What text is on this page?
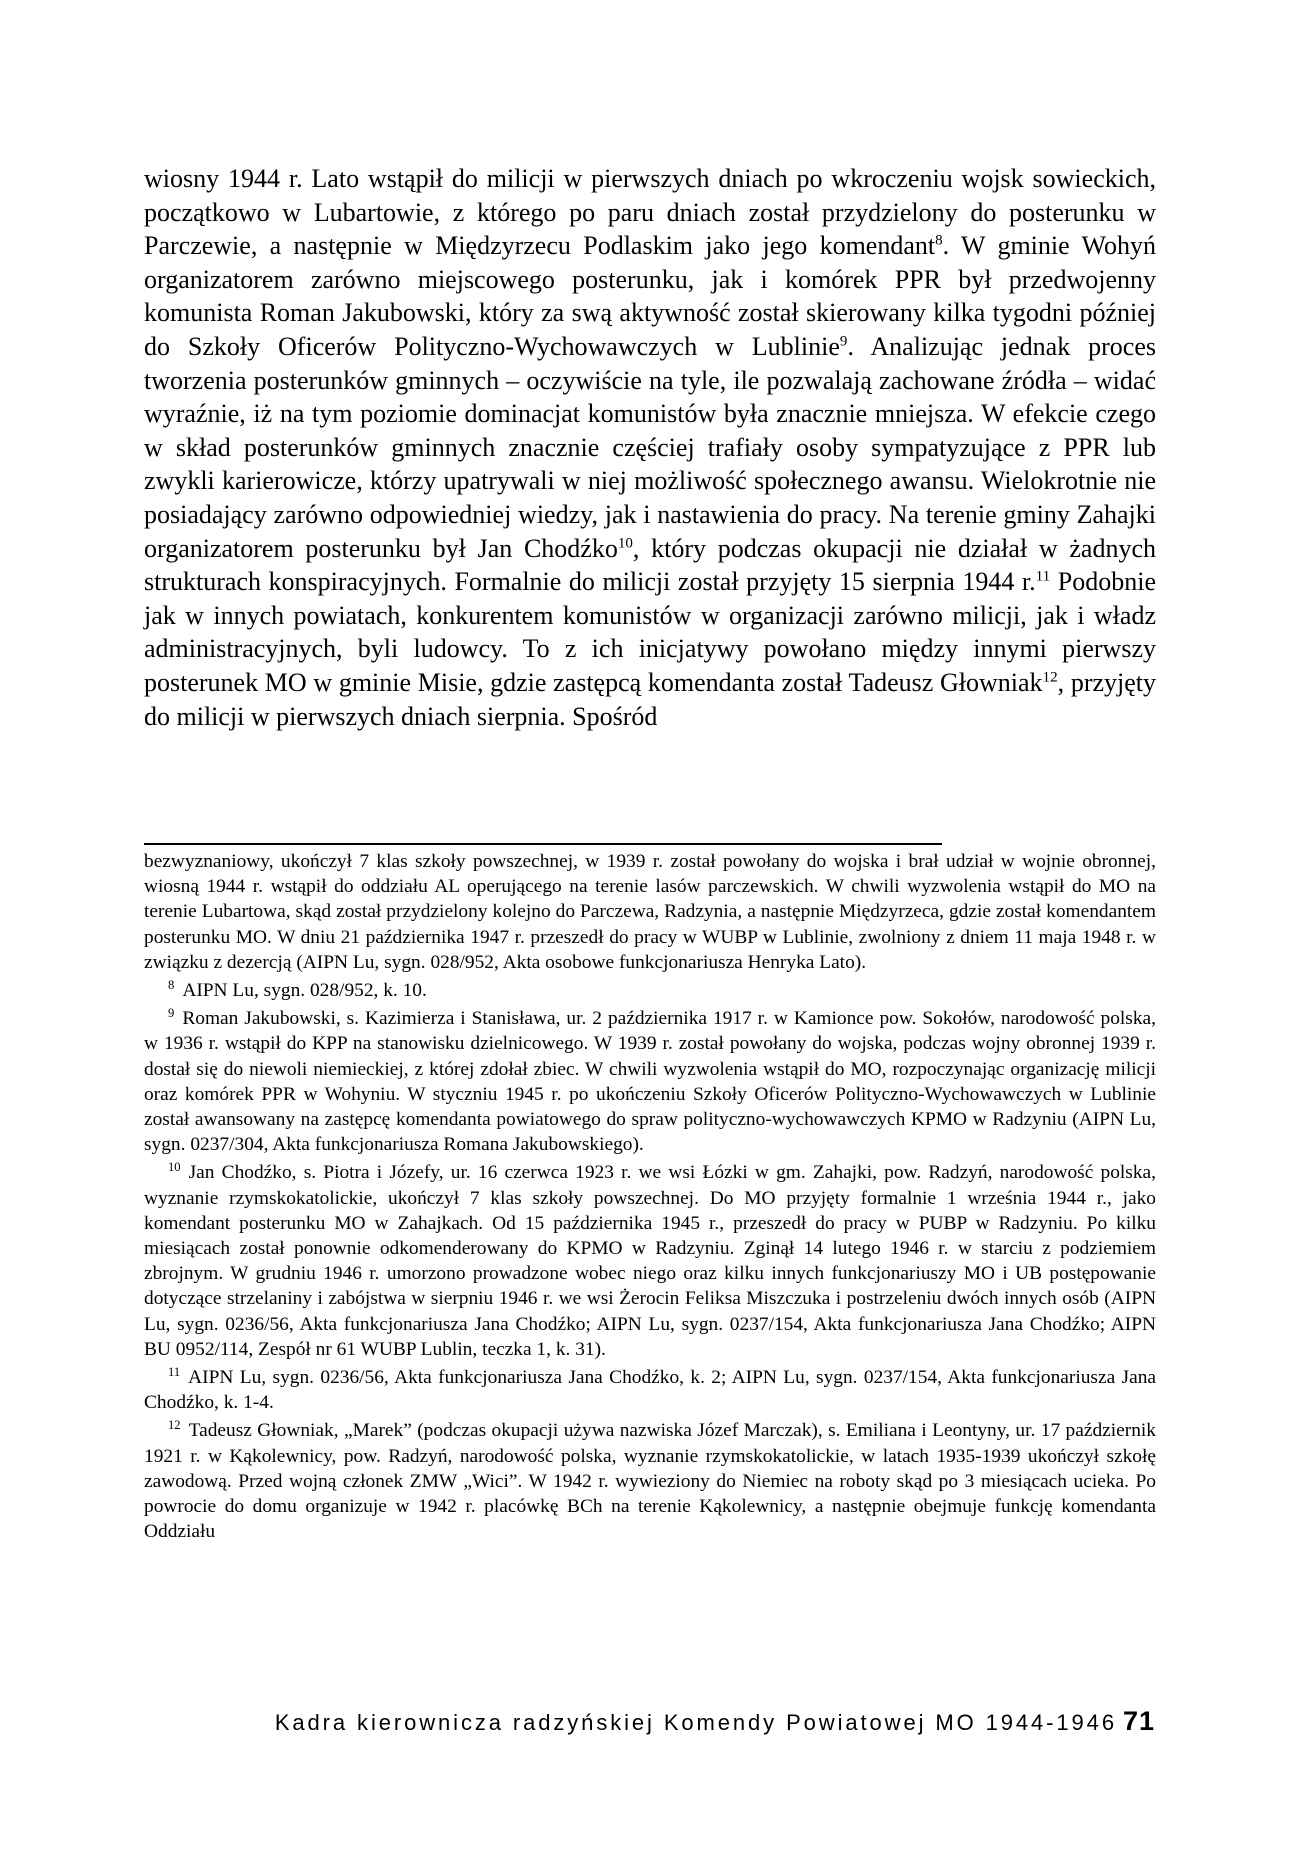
wiosny 1944 r. Lato wstąpił do milicji w pierwszych dniach po wkroczeniu wojsk sowieckich, początkowo w Lubartowie, z którego po paru dniach został przydzielony do posterunku w Parczewie, a następnie w Międzyrzecu Podlaskim jako jego komendant$^8$. W gminie Wohyń organizatorem zarówno miejscowego posterunku, jak i komórek PPR był przedwojenny komunista Roman Jakubowski, który za swą aktywność został skierowany kilka tygodni później do Szkoły Oficerów Polityczno-Wychowawczych w Lublinie$^9$. Analizując jednak proces tworzenia posterunków gminnych – oczywiście na tyle, ile pozwalają zachowane źródła – widać wyraźnie, iż na tym poziomie dominacjat komunistów była znacznie mniejsza. W efekcie czego w skład posterunków gminnych znacznie częściej trafiały osoby sympatyzujące z PPR lub zwykli karierowicze, którzy upatrywali w niej możliwość społecznego awansu. Wielokrotnie nie posiadający zarówno odpowiedniej wiedzy, jak i nastawienia do pracy. Na terenie gminy Zahajki organizatorem posterunku był Jan Chodźko$^{10}$, który podczas okupacji nie działał w żadnych strukturach konspiracyjnych. Formalnie do milicji został przyjęty 15 sierpnia 1944 r.$^{11}$ Podobnie jak w innych powiatach, konkurentem komunistów w organizacji zarówno milicji, jak i władz administracyjnych, byli ludowcy. To z ich inicjatywy powołano między innymi pierwszy posterunek MO w gminie Misie, gdzie zastępcą komendanta został Tadeusz Głowniak$^{12}$, przyjęty do milicji w pierwszych dniach sierpnia. Spośród

bezwyznaniowy, ukończył 7 klas szkoły powszechnej, w 1939 r. został powołany do wojska i brał udział w wojnie obronnej, wiosną 1944 r. wstąpił do oddziału AL operującego na terenie lasów parczewskich. W chwili wyzwolenia wstąpił do MO na terenie Lubartowa, skąd został przydzielony kolejno do Parczewa, Radzynia, a następnie Międzyrzeca, gdzie został komendantem posterunku MO. W dniu 21 października 1947 r. przeszedł do pracy w WUBP w Lublinie, zwolniony z dniem 11 maja 1948 r. w związku z dezercją (AIPN Lu, sygn. 028/952, Akta osobowe funkcjonariusza Henryka Lato).

$^8$ AIPN Lu, sygn. 028/952, k. 10.

$^9$ Roman Jakubowski, s. Kazimierza i Stanisława, ur. 2 października 1917 r. w Kamionce pow. Sokołów, narodowość polska, w 1936 r. wstąpił do KPP na stanowisku dzielnicowego. W 1939 r. został powołany do wojska, podczas wojny obronnej 1939 r. dostał się do niewoli niemieckiej, z której zdołał zbiec. W chwili wyzwolenia wstąpił do MO, rozpoczynając organizację milicji oraz komórek PPR w Wohyniu. W styczniu 1945 r. po ukończeniu Szkoły Oficerów Polityczno-Wychowawczych w Lublinie został awansowany na zastępcę komendanta powiatowego do spraw polityczno-wychowawczych KPMO w Radzyniu (AIPN Lu, sygn. 0237/304, Akta funkcjonariusza Romana Jakubowskiego).

$^{10}$ Jan Chodźko, s. Piotra i Józefy, ur. 16 czerwca 1923 r. we wsi Łózki w gm. Zahajki, pow. Radzyń, narodowość polska, wyznanie rzymskokatolickie, ukończył 7 klas szkoły powszechnej. Do MO przyjęty formalnie 1 września 1944 r., jako komendant posterunku MO w Zahajkach. Od 15 października 1945 r., przeszedł do pracy w PUBP w Radzyniu. Po kilku miesiącach został ponownie odkomenderowany do KPMO w Radzyniu. Zginął 14 lutego 1946 r. w starciu z podziemiem zbrojnym. W grudniu 1946 r. umorzono prowadzone wobec niego oraz kilku innych funkcjonariuszy MO i UB postępowanie dotyczące strzelaniny i zabójstwa w sierpniu 1946 r. we wsi Żerocin Feliksa Miszczuka i postrzeleniu dwóch innych osób (AIPN Lu, sygn. 0236/56, Akta funkcjonariusza Jana Chodźko; AIPN Lu, sygn. 0237/154, Akta funkcjonariusza Jana Chodźko; AIPN BU 0952/114, Zespół nr 61 WUBP Lublin, teczka 1, k. 31).

$^{11}$ AIPN Lu, sygn. 0236/56, Akta funkcjonariusza Jana Chodźko, k. 2; AIPN Lu, sygn. 0237/154, Akta funkcjonariusza Jana Chodźko, k. 1-4.

$^{12}$ Tadeusz Głowniak, „Marek” (podczas okupacji używa nazwiska Józef Marczak), s. Emiliana i Leontyny, ur. 17 październik 1921 r. w Kąkolewnicy, pow. Radzyń, narodowość polska, wyznanie rzymskokatolickie, w latach 1935-1939 ukończył szkołę zawodową. Przed wojną członek ZMW „Wici”. W 1942 r. wywieziony do Niemiec na roboty skąd po 3 miesiącach ucieka. Po powrocie do domu organizuje w 1942 r. placówkę BCh na terenie Kąkolewnicy, a następnie obejmuje funkcję komendanta Oddziału

Kadra kierownicza radzyńskiej Komendy Powiatowej MO 1944-1946 71
